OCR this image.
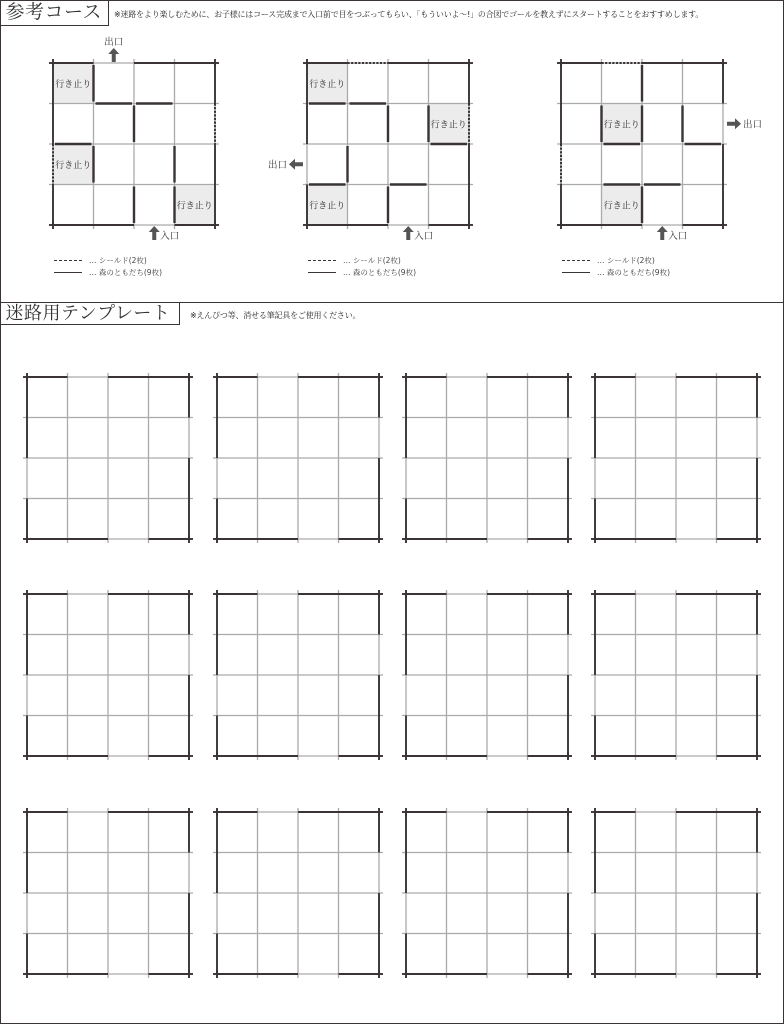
行き止り
行き止り
行き止り
出口
入口
行き止り
行き止り
行き止り
出口
入口
行き止り
行き止り
出口
入口
参考コース	※迷路をより楽しむために、お子様にはコース完成まで入口前で目をつぶってもらい、「もういいよ〜!」の合図でゴールを教えずにスタートすることをおすすめします。
… シールド(2枚)
… 森のともだち(9枚)
… シールド(2枚)
… 森のともだち(9枚)
… シールド(2枚)
… 森のともだち(9枚)
迷路用テンプレート	※えんぴつ等、消せる筆記具をご使用ください。
